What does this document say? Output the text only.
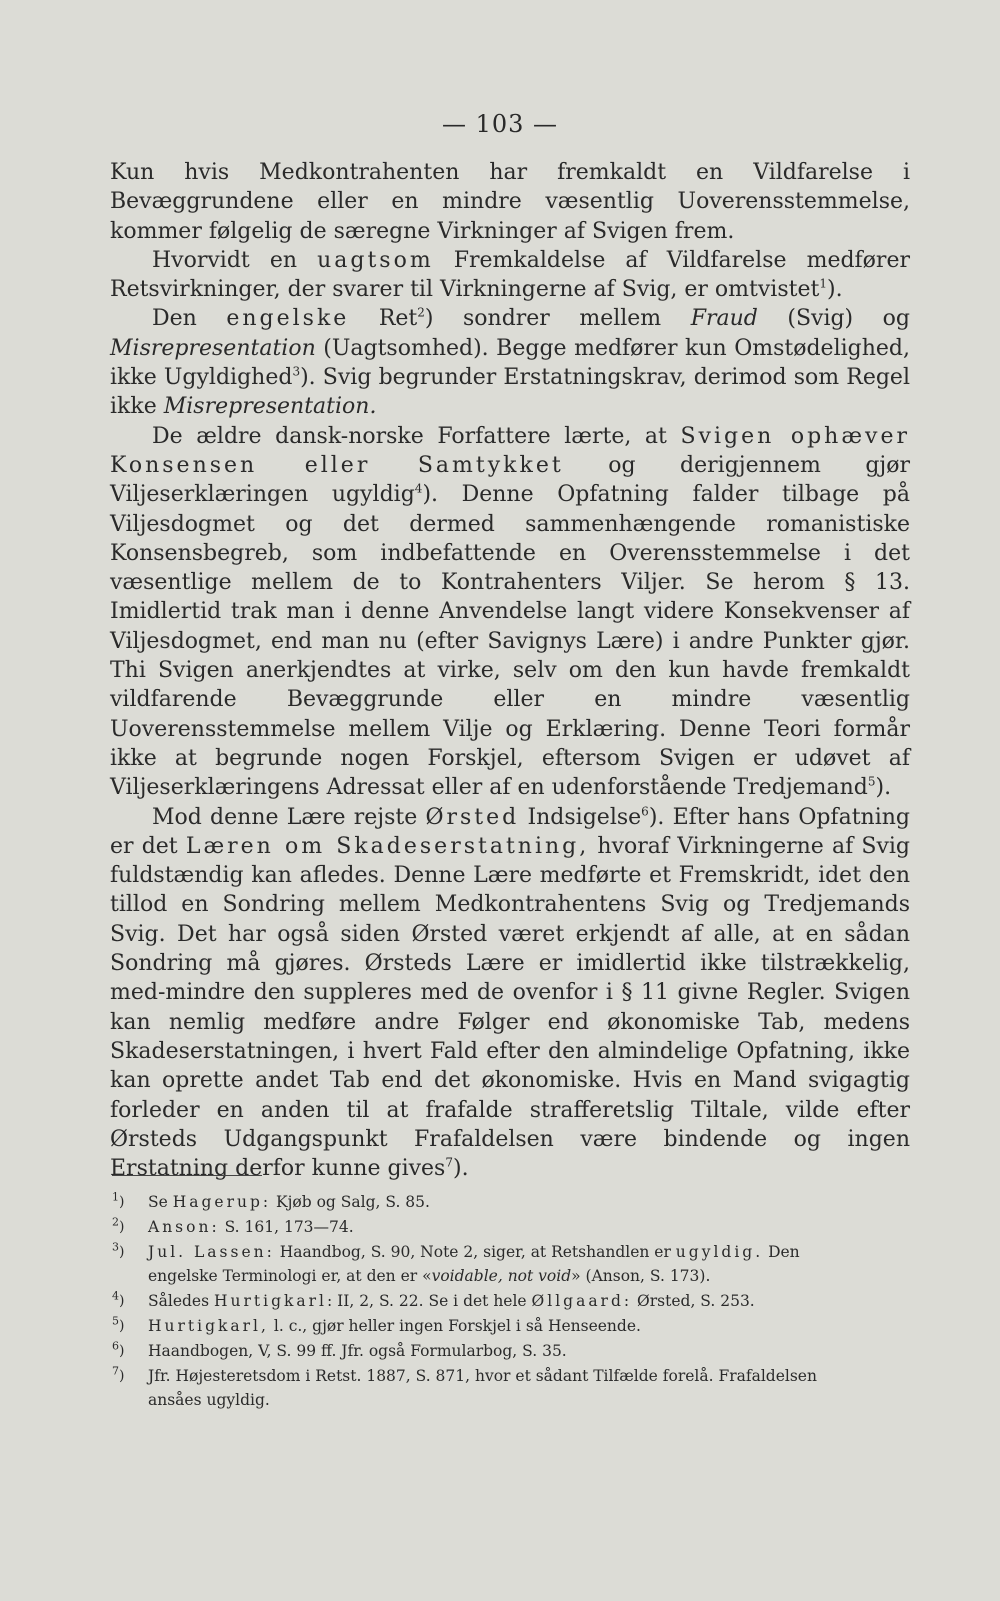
— 103 —

Kun hvis Medkontrahenten har fremkaldt en Vildfarelse i Bevæggrundene eller en mindre væsentlig Uoverensstemmelse, kommer følgelig de særegne Virkninger af Svigen frem.

Hvorvidt en uagtsom Fremkaldelse af Vildfarelse medfører Retsvirkninger, der svarer til Virkningerne af Svig, er omtvistet$^1$).

Den engelske Ret$^2$) sondrer mellem Fraud (Svig) og Misrepresentation (Uagtsomhed). Begge medfører kun Omstødelighed, ikke Ugyldighed$^3$). Svig begrunder Erstatningskrav, derimod som Regel ikke Misrepresentation.

De ældre dansk-norske Forfattere lærte, at Svigen ophæver Konsensen eller Samtykket og derigjennem gjør Viljeserklæringen ugyldig$^4$). Denne Opfatning falder tilbage på Viljesdogmet og det dermed sammenhængende romanistiske Konsensbegreb, som indbefattende en Overensstemmelse i det væsentlige mellem de to Kontrahenters Viljer. Se herom § 13. Imidlertid trak man i denne Anvendelse langt videre Konsekvenser af Viljesdogmet, end man nu (efter Savignys Lære) i andre Punkter gjør. Thi Svigen anerkjendtes at virke, selv om den kun havde fremkaldt vildfarende Bevæggrunde eller en mindre væsentlig Uoverensstemmelse mellem Vilje og Erklæring. Denne Teori formår ikke at begrunde nogen Forskjel, eftersom Svigen er udøvet af Viljeserklæringens Adressat eller af en udenforstående Tredjemand$^5$).

Mod denne Lære rejste Ørsted Indsigelse$^6$). Efter hans Opfatning er det Læren om Skadeserstatning, hvoraf Virkningerne af Svig fuldstændig kan afledes. Denne Lære medførte et Fremskridt, idet den tillod en Sondring mellem Medkontrahentens Svig og Tredjemands Svig. Det har også siden Ørsted været erkjendt af alle, at en sådan Sondring må gjøres. Ørsteds Lære er imidlertid ikke tilstrækkelig, med-mindre den suppleres med de ovenfor i § 11 givne Regler. Svigen kan nemlig medføre andre Følger end økonomiske Tab, medens Skadeserstatningen, i hvert Fald efter den almindelige Opfatning, ikke kan oprette andet Tab end det økonomiske. Hvis en Mand svigagtig forleder en anden til at frafalde strafferetslig Tiltale, vilde efter Ørsteds Udgangspunkt Frafaldelsen være bindende og ingen Erstatning derfor kunne gives$^7$).

$^1$)	Se Hagerup: Kjøb og Salg, S. 85.
$^2$)	Anson: S. 161, 173—74.
$^3$)	Jul. Lassen: Haandbog, S. 90, Note 2, siger, at Retshandlen er ugyldig. Den
engelske Terminologi er, at den er «voidable, not void» (Anson, S. 173).
$^4$)	Således Hurtigkarl: II, 2, S. 22. Se i det hele Øllgaard: Ørsted, S. 253.
$^5$)	Hurtigkarl, l. c., gjør heller ingen Forskjel i så Henseende.
$^6$)	Haandbogen, V, S. 99 ff. Jfr. også Formularbog, S. 35.
$^7$)	Jfr. Højesteretsdom i Retst. 1887, S. 871, hvor et sådant Tilfælde forelå. Frafaldelsen
ansåes ugyldig.
